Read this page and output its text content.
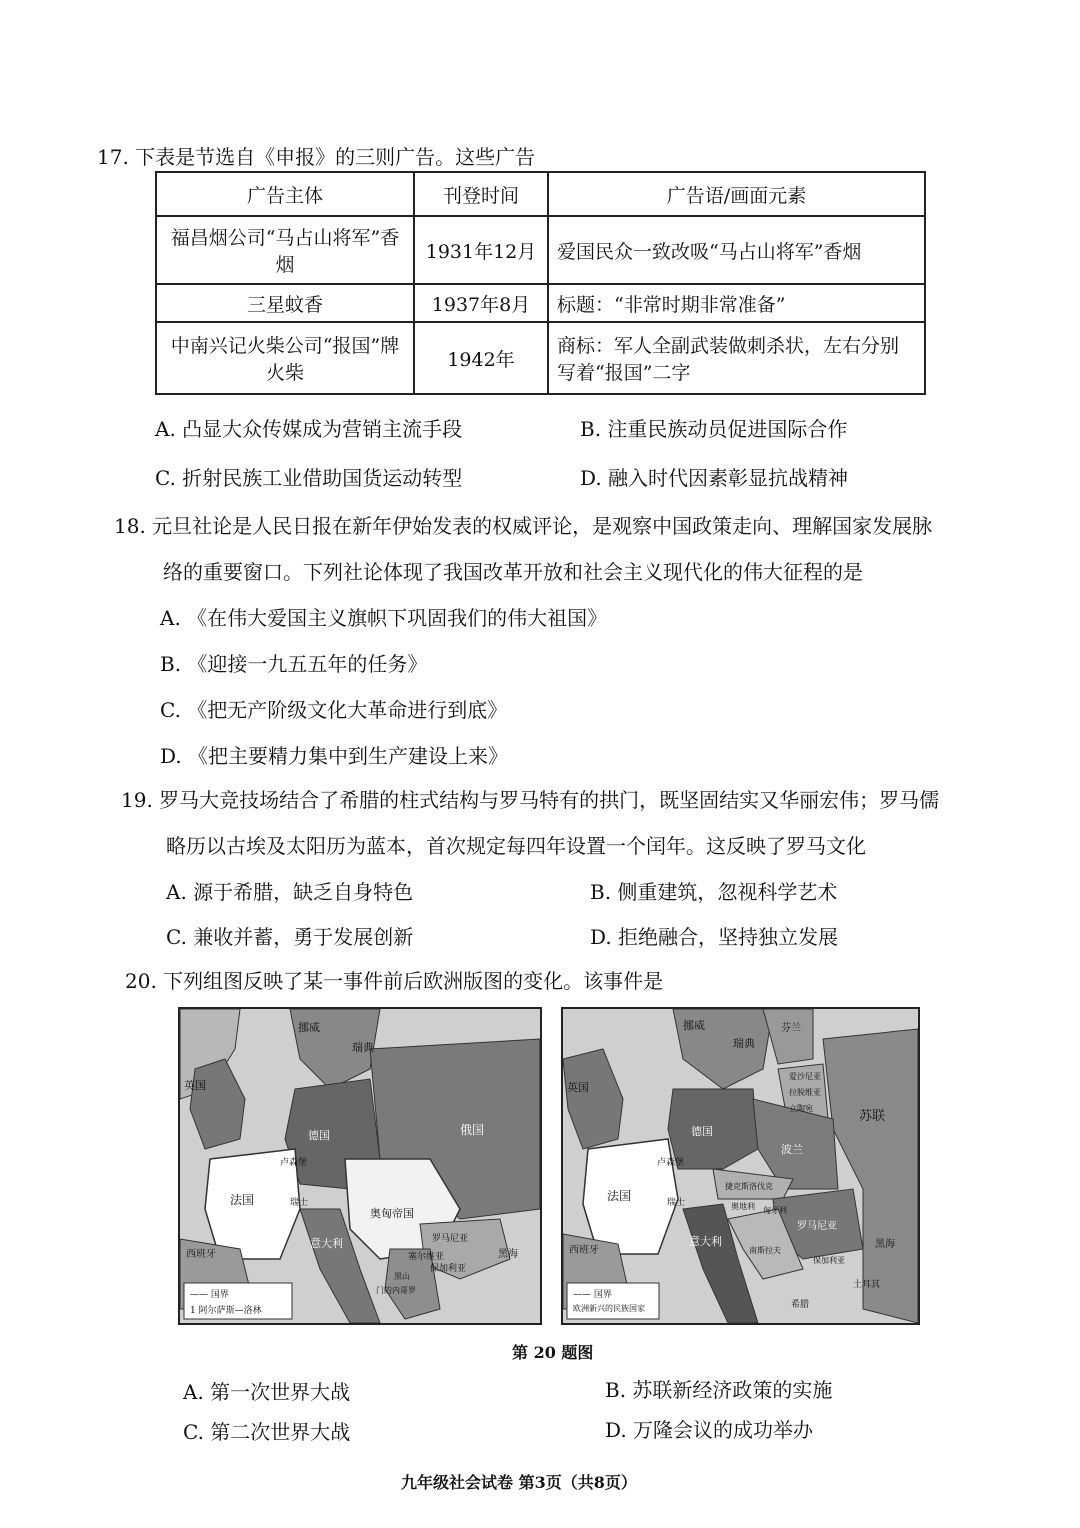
17. 下表是节选自《申报》的三则广告。这些广告
广告主体	刊登时间	广告语/画面元素
福昌烟公司“马占山将军”香烟	1931年12月	爱国民众一致改吸“马占山将军”香烟
三星蚊香	1937年8月	标题：“非常时期非常准备”
中南兴记火柴公司“报国”牌火柴	1942年	商标：军人全副武装做刺杀状，左右分别写着“报国”二字
A. 凸显大众传媒成为营销主流手段	B. 注重民族动员促进国际合作
C. 折射民族工业借助国货运动转型	D. 融入时代因素彰显抗战精神
18. 元旦社论是人民日报在新年伊始发表的权威评论，是观察中国政策走向、理解国家发展脉
络的重要窗口。下列社论体现了我国改革开放和社会主义现代化的伟大征程的是
A. 《在伟大爱国主义旗帜下巩固我们的伟大祖国》
B. 《迎接一九五五年的任务》
C. 《把无产阶级文化大革命进行到底》
D. 《把主要精力集中到生产建设上来》
19. 罗马大竞技场结合了希腊的柱式结构与罗马特有的拱门，既坚固结实又华丽宏伟；罗马儒
略历以古埃及太阳历为蓝本，首次规定每四年设置一个闰年。这反映了罗马文化
A. 源于希腊，缺乏自身特色	B. 侧重建筑，忽视科学艺术
C. 兼收并蓄，勇于发展创新	D. 拒绝融合，坚持独立发展
20. 下列组图反映了某一事件前后欧洲版图的变化。该事件是
挪威
瑞典
英国
德国	俄国
法国
卢森堡
瑞士
奥匈帝国
意大利
西班牙
罗马尼亚
保加利亚
塞尔维亚
黑山
门的内哥罗
黑海
—— 国界
1 阿尔萨斯—洛林
英国
挪威
瑞典
芬兰
爱沙尼亚
拉脱维亚
立陶宛
苏联
德国
波兰
法国
卢森堡
瑞士
捷克斯洛伐克
奥地利 匈牙利
罗马尼亚
意大利
南斯拉夫
保加利亚
西班牙
土耳其
希腊
黑海
—— 国界
欧洲新兴的民族国家
第 20 题图
A. 第一次世界大战	B. 苏联新经济政策的实施
C. 第二次世界大战	D. 万隆会议的成功举办
九年级社会试卷 第3页（共8页）
